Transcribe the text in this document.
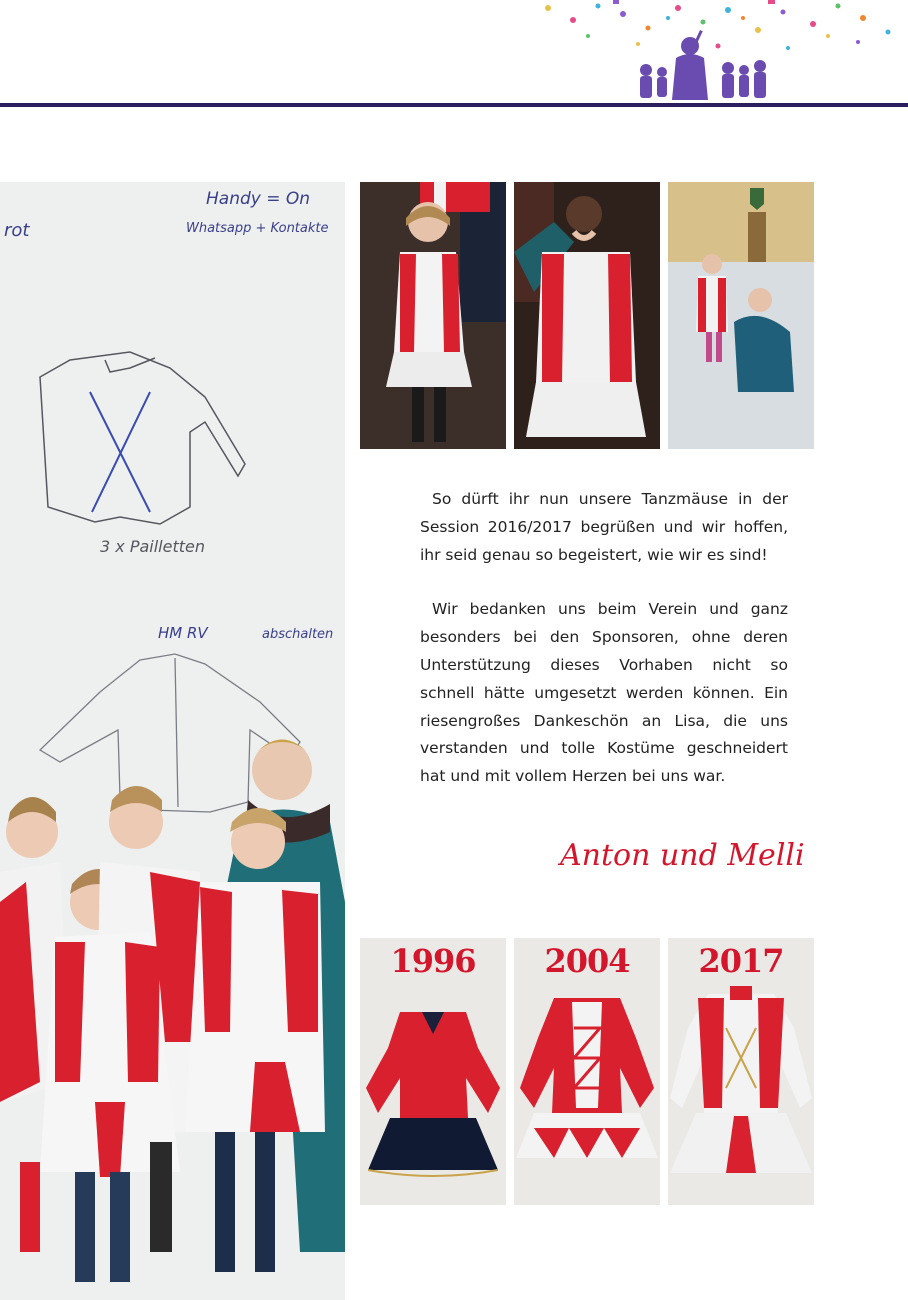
Handy = On
Whatsapp + Kontakte
rot
3 x Pailletten
HM RV	abschalten

So dürft ihr nun unsere Tanzmäuse in der Session 2016/2017 begrüßen und wir hoffen, ihr seid genau so begeistert, wie wir es sind!

Wir bedanken uns beim Verein und ganz besonders bei den Sponsoren, ohne deren Unterstützung dieses Vorhaben nicht so schnell hätte umgesetzt werden können. Ein riesengroßes Dankeschön an Lisa, die uns verstanden und tolle Kostüme geschneidert hat und mit vollem Herzen bei uns war.

Anton und Melli
1996	2004	2017
